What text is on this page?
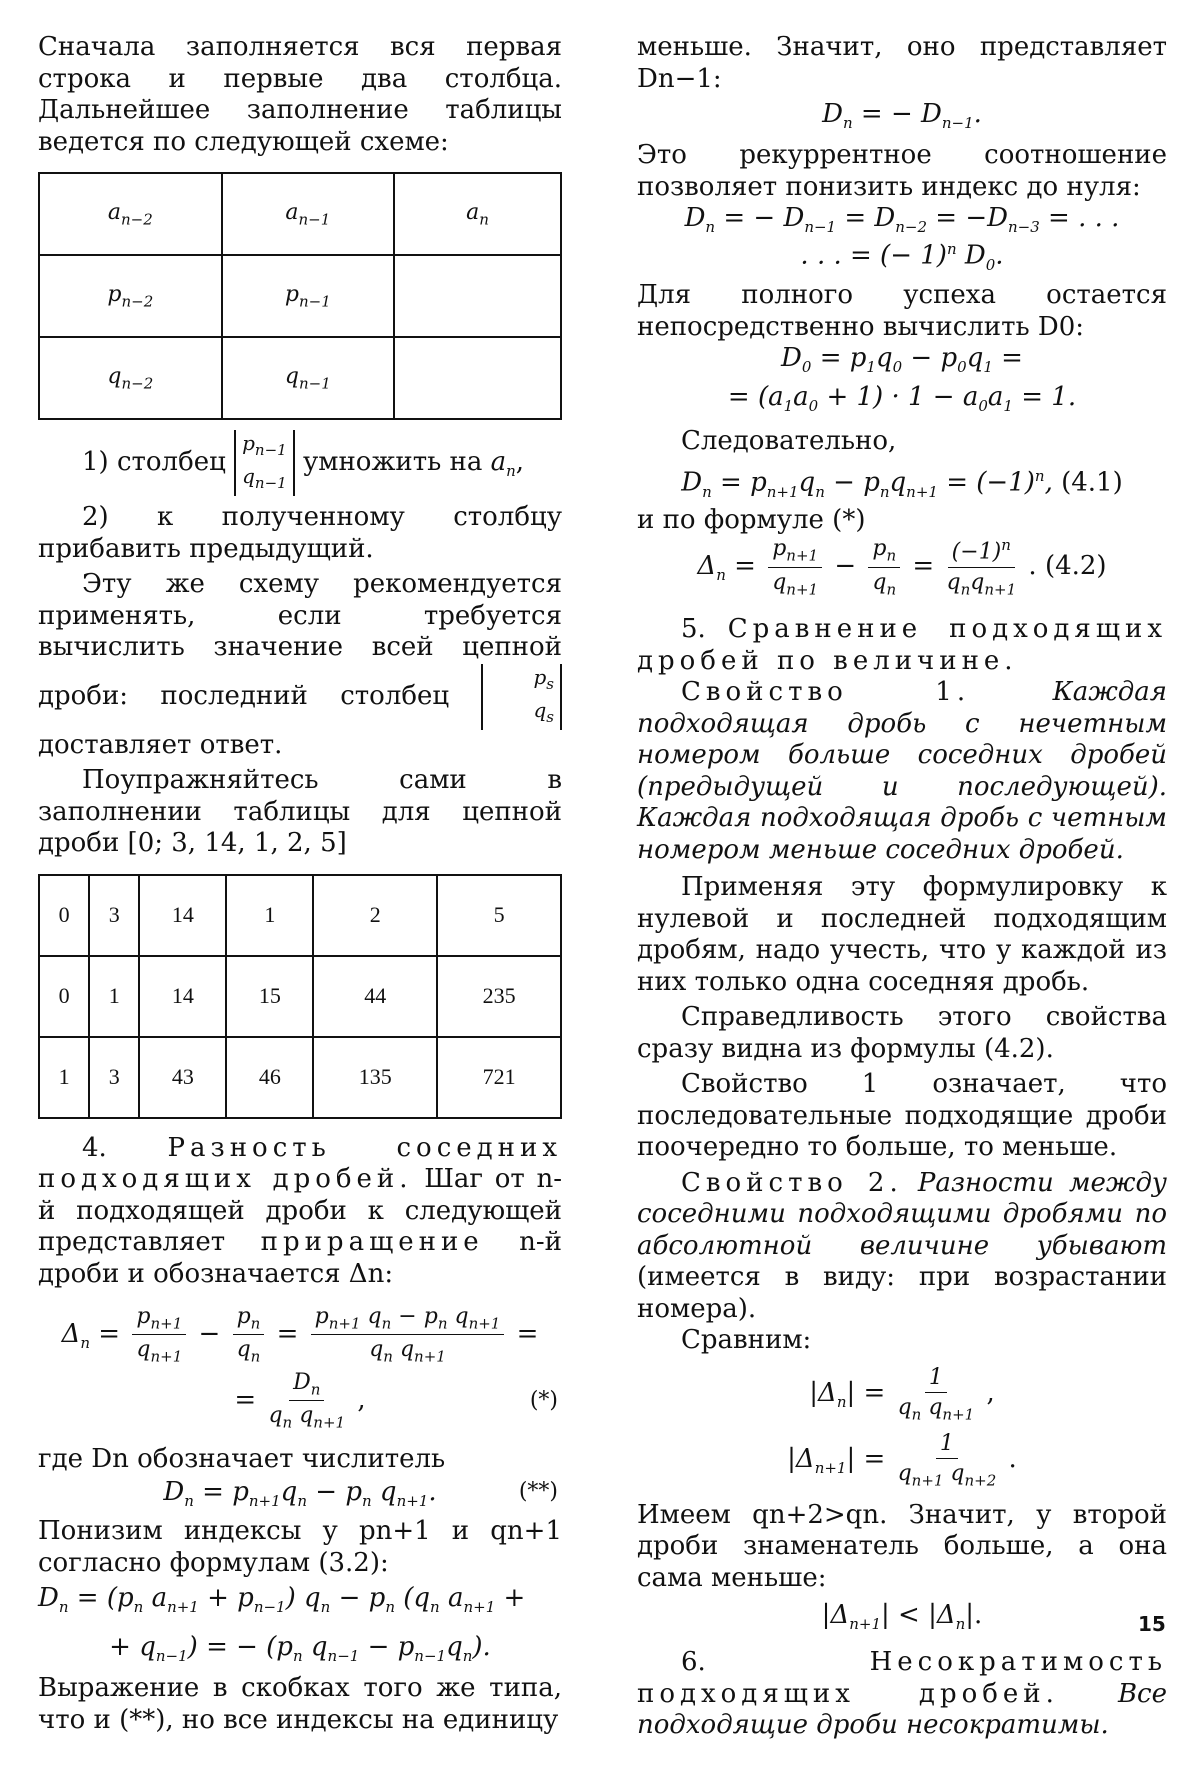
Сначала заполняется вся первая строка и первые два столбца. Дальнейшее заполнение таблицы ведется по следующей схеме:

$a_{n-2}$	$a_{n-1}$	$a_n$
$p_{n-2}$	$p_{n-1}$	
$q_{n-2}$	$q_{n-1}$	

1) столбец
$p_{n-1}$
$q_{n-1}$
умножить на $a_n$,

2) к полученному столбцу прибавить предыдущий.

Эту же схему рекомендуется применять, если требуется вычислить значение всей цепной дроби: последний столбец
$p_s$
$q_s$
доставляет ответ.

Поупражняйтесь сами в заполнении таблицы для цепной дроби [0; 3, 14, 1, 2, 5]

0	3	14	1	2	5
0	1	14	15	44	235
1	3	43	46	135	721

4. Разность соседних подходящих дробей. Шаг от n-й подходящей дроби к следующей представляет приращение n-й дроби и обозначается Δn:

$\Delta_n = \frac{p_{n+1}}{q_{n+1}} - \frac{p_n}{q_n} = \frac{p_{n+1} q_n - p_n q_{n+1}}{q_n q_{n+1}}$ =
= $\frac{D_n}{q_n q_{n+1}}$ ,	(*)

где Dn обозначает числитель

$D_n = p_{n+1}q_n - p_n$ $q_{n+1}$.	(**)

Понизим индексы у pn+1 и qn+1 согласно формулам (3.2):

$D_n = (p_n$ $a_{n+1} + p_{n-1}$) $q_n - p_n$ ($q_n$ $a_{n+1}$ +

+ $q_{n-1}$) = − ($p_n$ $q_{n-1} - p_{n-1}q_n$).

Выражение в скобках того же типа, что и (**), но все индексы на единицу

меньше. Значит, оно представляет Dn−1:

$D_n$ = − $D_{n-1}$.

Это рекуррентное соотношение позволяет понизить индекс до нуля:

$D_n$ = − $D_{n-1} = D_{n-2} = -D_{n-3}$ = . . .

. . . = (− 1)$^n$ $D_0$.

Для полного успеха остается непосредственно вычислить D0:

$D_0 = p_1q_0 - p_0q_1$ =

= $(a_1a_0 + 1) \cdot 1 - a_0a_1 = 1$.

Следовательно,

$D_n = p_{n+1}q_n - p_nq_{n+1} = (-1)^n$, (4.1)

и по формуле (*)

$\Delta_n = \frac{p_{n+1}}{q_{n+1}} - \frac{p_n}{q_n} = \frac{(-1)^n}{q_nq_{n+1}}$ . (4.2)

5. Сравнение подходящих дробей по величине.

Свойство 1.	Каждая подходящая дробь с нечетным номером больше соседних дробей (предыдущей и последующей). Каждая подходящая дробь с четным номером меньше соседних дробей.

Применяя эту формулировку к нулевой и последней подходящим дробям, надо учесть, что у каждой из них только одна соседняя дробь.

Справедливость этого свойства сразу видна из формулы (4.2).

Свойство 1 означает, что последовательные подходящие дроби поочередно то больше, то меньше.

Свойство 2. Разности между соседними подходящими дробями по абсолютной величине убывают (имеется в виду: при возрастании номера).

Сравним:

$|\Delta_n| = \frac{1}{q_n q_{n+1}}$ ,
$|\Delta_{n+1}| = \frac{1}{q_{n+1} q_{n+2}}$ .

Имеем qn+2>qn. Значит, у второй дроби знаменатель больше, а она сама меньше:

$|\Delta_{n+1}| < |\Delta_n|$.

6.	Несократимость подходящих дробей. Все подходящие дроби несократимы.

15
